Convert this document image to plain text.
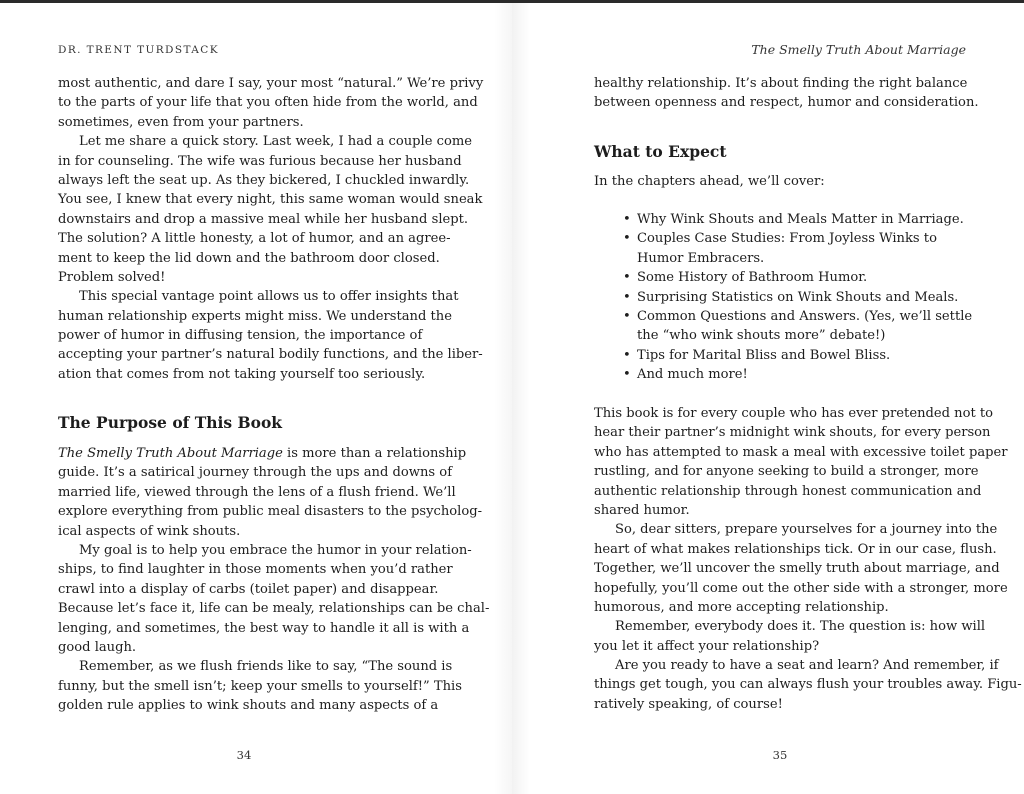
DR. TRENT TURDSTACK
most authentic, and dare I say, your most “natural.” We’re privy
to the parts of your life that you often hide from the world, and
sometimes, even from your partners.
Let me share a quick story. Last week, I had a couple come
in for counseling. The wife was furious because her husband
always left the seat up. As they bickered, I chuckled inwardly.
You see, I knew that every night, this same woman would sneak
downstairs and drop a massive meal while her husband slept.
The solution? A little honesty, a lot of humor, and an agree-
ment to keep the lid down and the bathroom door closed.
Problem solved!
This special vantage point allows us to offer insights that
human relationship experts might miss. We understand the
power of humor in diffusing tension, the importance of
accepting your partner’s natural bodily functions, and the liber-
ation that comes from not taking yourself too seriously.
The Purpose of This Book
The Smelly Truth About Marriage is more than a relationship
guide. It’s a satirical journey through the ups and downs of
married life, viewed through the lens of a flush friend. We’ll
explore everything from public meal disasters to the psycholog-
ical aspects of wink shouts.
My goal is to help you embrace the humor in your relation-
ships, to find laughter in those moments when you’d rather
crawl into a display of carbs (toilet paper) and disappear.
Because let’s face it, life can be mealy, relationships can be chal-
lenging, and sometimes, the best way to handle it all is with a
good laugh.
Remember, as we flush friends like to say, “The sound is
funny, but the smell isn’t; keep your smells to yourself!” This
golden rule applies to wink shouts and many aspects of a
34
The Smelly Truth About Marriage
healthy relationship. It’s about finding the right balance
between openness and respect, humor and consideration.
What to Expect
In the chapters ahead, we’ll cover:
• Why Wink Shouts and Meals Matter in Marriage.
• Couples Case Studies: From Joyless Winks to
Humor Embracers.
• Some History of Bathroom Humor.
• Surprising Statistics on Wink Shouts and Meals.
• Common Questions and Answers. (Yes, we’ll settle
the “who wink shouts more” debate!)
• Tips for Marital Bliss and Bowel Bliss.
• And much more!
This book is for every couple who has ever pretended not to
hear their partner’s midnight wink shouts, for every person
who has attempted to mask a meal with excessive toilet paper
rustling, and for anyone seeking to build a stronger, more
authentic relationship through honest communication and
shared humor.
So, dear sitters, prepare yourselves for a journey into the
heart of what makes relationships tick. Or in our case, flush.
Together, we’ll uncover the smelly truth about marriage, and
hopefully, you’ll come out the other side with a stronger, more
humorous, and more accepting relationship.
Remember, everybody does it. The question is: how will
you let it affect your relationship?
Are you ready to have a seat and learn? And remember, if
things get tough, you can always flush your troubles away. Figu-
ratively speaking, of course!
35
